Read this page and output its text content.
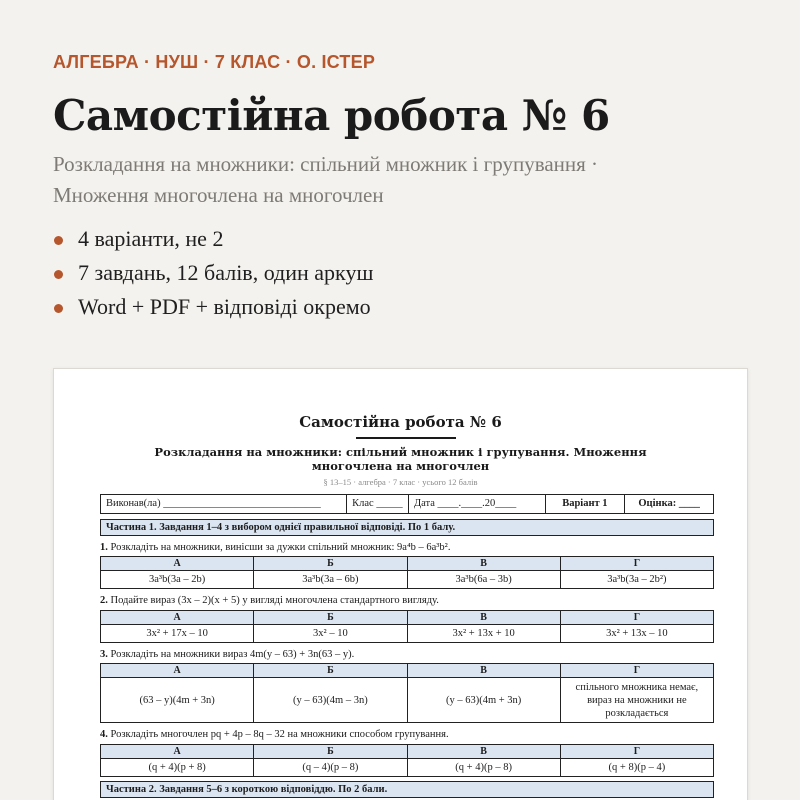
АЛГЕБРА · НУШ · 7 КЛАС · О. ІСТЕР
Самостійна робота № 6
Розкладання на множники: спільний множник і групування ·
Множення многочлена на многочлен
4 варіанти, не 2
7 завдань, 12 балів, один аркуш
Word + PDF + відповіді окремо
Самостійна робота № 6
Розкладання на множники: спільний множник і групування. Множення многочлена на многочлен
§ 13–15 · алгебра · 7 клас · усього 12 балів
Виконав(ла) ______________________________	Клас _____	Дата ____.____.20____	Варіант 1	Оцінка: ____
Частина 1. Завдання 1–4 з вибором однієї правильної відповіді. По 1 балу.
1. Розкладіть на множники, винісши за дужки спільний множник: 9a⁴b – 6a³b².
А	Б	В	Г
3a³b(3a – 2b)	3a³b(3a – 6b)	3a³b(6a – 3b)	3a³b(3a – 2b²)
2. Подайте вираз (3x – 2)(x + 5) у вигляді многочлена стандартного вигляду.
А	Б	В	Г
3x² + 17x – 10	3x² – 10	3x² + 13x + 10	3x² + 13x – 10
3. Розкладіть на множники вираз 4m(y – 63) + 3n(63 – y).
А	Б	В	Г
(63 – y)(4m + 3n)	(y – 63)(4m – 3n)	(y – 63)(4m + 3n)	спільного множника немає, вираз на множники не розкладається
4. Розкладіть многочлен pq + 4p – 8q – 32 на множники способом групування.
А	Б	В	Г
(q + 4)(p + 8)	(q – 4)(p – 8)	(q + 4)(p – 8)	(q + 8)(p – 4)
Частина 2. Завдання 5–6 з короткою відповіддю. По 2 бали.
